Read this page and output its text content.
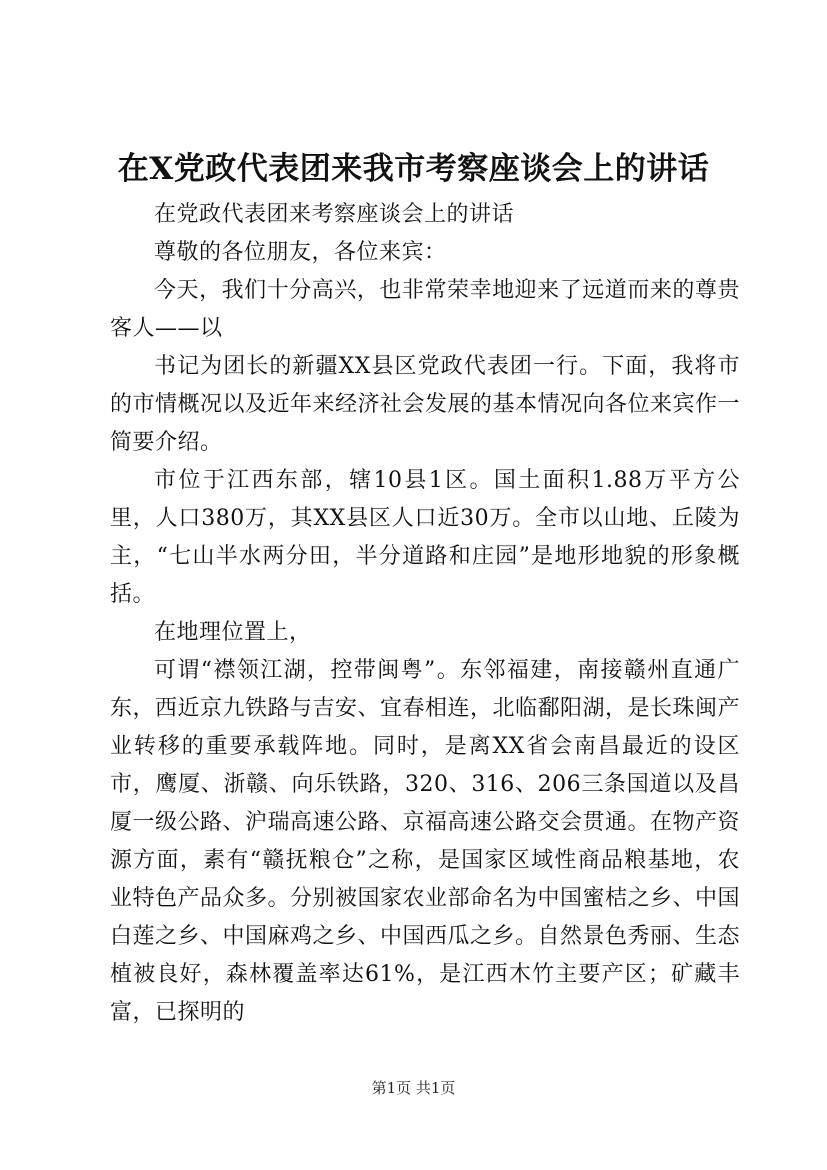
在X党政代表团来我市考察座谈会上的讲话

在党政代表团来考察座谈会上的讲话

尊敬的各位朋友，各位来宾：

今天，我们十分高兴，也非常荣幸地迎来了远道而来的尊贵客人——以

书记为团长的新疆XX县区党政代表团一行。下面，我将市的市情概况以及近年来经济社会发展的基本情况向各位来宾作一简要介绍。

市位于江西东部，辖10县1区。国土面积1.88万平方公里，人口380万，其XX县区人口近30万。全市以山地、丘陵为主，“七山半水两分田，半分道路和庄园”是地形地貌的形象概括。

在地理位置上，

可谓“襟领江湖，控带闽粤”。东邻福建，南接赣州直通广东，西近京九铁路与吉安、宜春相连，北临鄱阳湖，是长珠闽产业转移的重要承载阵地。同时，是离XX省会南昌最近的设区市，鹰厦、浙赣、向乐铁路，320、316、206三条国道以及昌厦一级公路、沪瑞高速公路、京福高速公路交会贯通。在物产资源方面，素有“赣抚粮仓”之称，是国家区域性商品粮基地，农业特色产品众多。分别被国家农业部命名为中国蜜桔之乡、中国白莲之乡、中国麻鸡之乡、中国西瓜之乡。自然景色秀丽、生态植被良好，森林覆盖率达61%，是江西木竹主要产区；矿藏丰富，已探明的

第1页 共1页
